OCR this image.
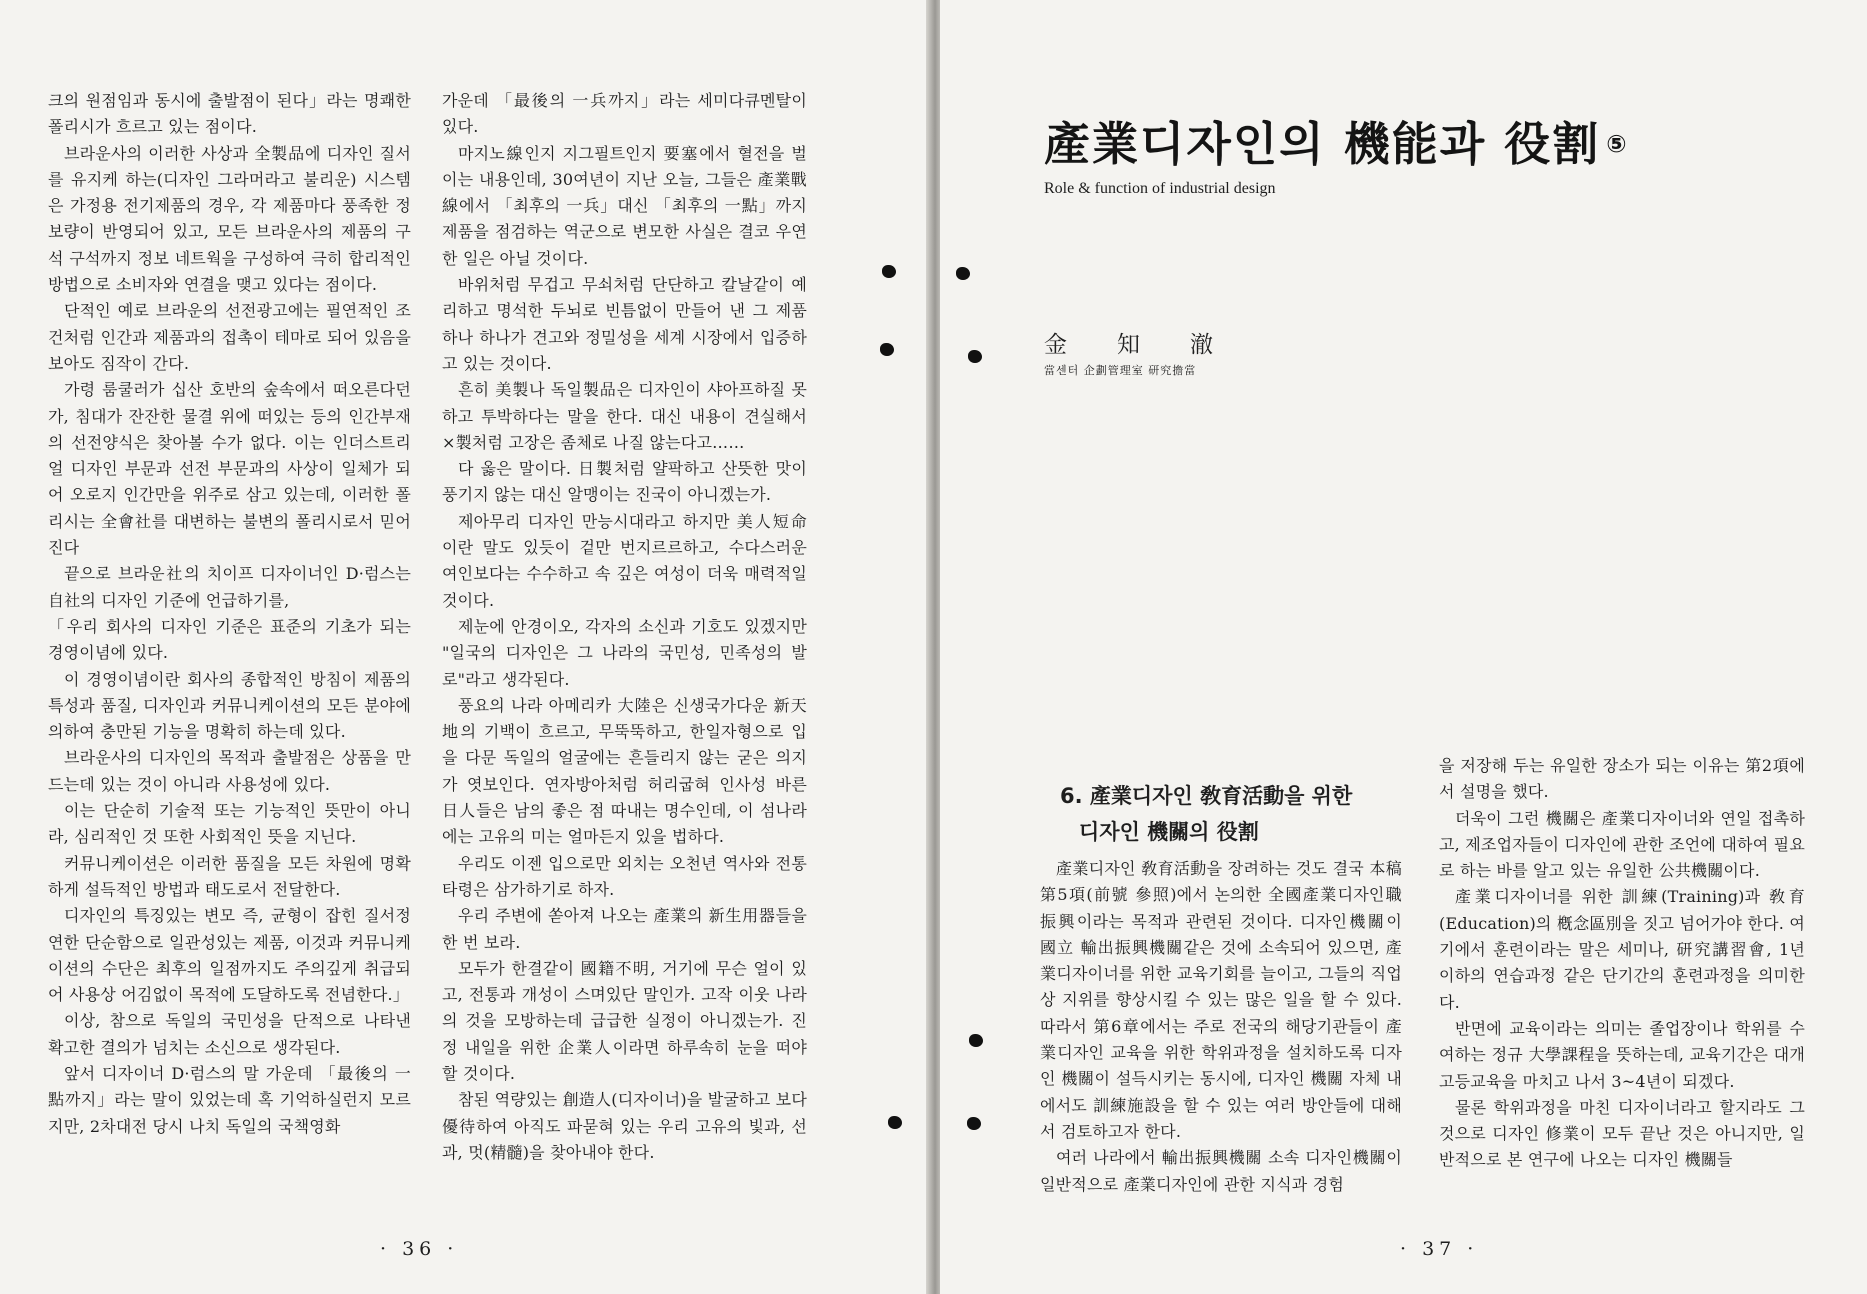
크의 원점임과 동시에 출발점이 된다」라는 명쾌한 폴리시가 흐르고 있는 점이다.

브라운사의 이러한 사상과 全製品에 디자인 질서를 유지케 하는(디자인 그라머라고 불리운) 시스템은 가정용 전기제품의 경우, 각 제품마다 풍족한 정보량이 반영되어 있고, 모든 브라운사의 제품의 구석 구석까지 정보 네트웍을 구성하여 극히 합리적인 방법으로 소비자와 연결을 맺고 있다는 점이다.

단적인 예로 브라운의 선전광고에는 필연적인 조건처럼 인간과 제품과의 접촉이 테마로 되어 있음을 보아도 짐작이 간다.

가령 룸쿨러가 십산 호반의 숲속에서 떠오른다던가, 침대가 잔잔한 물결 위에 떠있는 등의 인간부재의 선전양식은 찾아볼 수가 없다. 이는 인더스트리얼 디자인 부문과 선전 부문과의 사상이 일체가 되어 오로지 인간만을 위주로 삼고 있는데, 이러한 폴리시는 全會社를 대변하는 불변의 폴리시로서 믿어진다

끝으로 브라운社의 치이프 디자이너인 D·럼스는 自社의 디자인 기준에 언급하기를,

「우리 회사의 디자인 기준은 표준의 기초가 되는 경영이념에 있다.

이 경영이념이란 회사의 종합적인 방침이 제품의 특성과 품질, 디자인과 커뮤니케이션의 모든 분야에 의하여 충만된 기능을 명확히 하는데 있다.

브라운사의 디자인의 목적과 출발점은 상품을 만드는데 있는 것이 아니라 사용성에 있다.

이는 단순히 기술적 또는 기능적인 뜻만이 아니라, 심리적인 것 또한 사회적인 뜻을 지닌다.

커뮤니케이션은 이러한 품질을 모든 차원에 명확하게 설득적인 방법과 태도로서 전달한다.

디자인의 특징있는 변모 즉, 균형이 잡힌 질서정연한 단순함으로 일관성있는 제품, 이것과 커뮤니케이션의 수단은 최후의 일점까지도 주의깊게 취급되어 사용상 어김없이 목적에 도달하도록 전념한다.」

이상, 참으로 독일의 국민성을 단적으로 나타낸 확고한 결의가 넘치는 소신으로 생각된다.

앞서 디자이너 D·럼스의 말 가운데 「最後의 一點까지」라는 말이 있었는데 혹 기억하실런지 모르지만, 2차대전 당시 나치 독일의 국책영화

가운데 「最後의 一兵까지」라는 세미다큐멘탈이 있다.

마지노線인지 지그필트인지 要塞에서 혈전을 벌이는 내용인데, 30여년이 지난 오늘, 그들은 產業戰線에서 「최후의 一兵」대신 「최후의 一點」까지 제품을 점검하는 역군으로 변모한 사실은 결코 우연한 일은 아닐 것이다.

바위처럼 무겁고 무쇠처럼 단단하고 칼날같이 예리하고 명석한 두뇌로 빈틈없이 만들어 낸 그 제품 하나 하나가 견고와 정밀성을 세계 시장에서 입증하고 있는 것이다.

흔히 美製나 독일製品은 디자인이 샤아프하질 못하고 투박하다는 말을 한다. 대신 내용이 견실해서 ×製처럼 고장은 좀체로 나질 않는다고……

다 옳은 말이다. 日製처럼 얄팍하고 산뜻한 맛이 풍기지 않는 대신 알맹이는 진국이 아니겠는가.

제아무리 디자인 만능시대라고 하지만 美人短命이란 말도 있듯이 겉만 번지르르하고, 수다스러운 여인보다는 수수하고 속 깊은 여성이 더욱 매력적일 것이다.

제눈에 안경이오, 각자의 소신과 기호도 있겠지만 "일국의 디자인은 그 나라의 국민성, 민족성의 발로"라고 생각된다.

풍요의 나라 아메리카 大陸은 신생국가다운 新天地의 기백이 흐르고, 무뚝뚝하고, 한일자형으로 입을 다문 독일의 얼굴에는 흔들리지 않는 굳은 의지가 엿보인다. 연자방아처럼 허리굽혀 인사성 바른 日人들은 남의 좋은 점 따내는 명수인데, 이 섬나라에는 고유의 미는 얼마든지 있을 법하다.

우리도 이젠 입으로만 외치는 오천년 역사와 전통타령은 삼가하기로 하자.

우리 주변에 쏟아져 나오는 產業의 新生用器들을 한 번 보라.

모두가 한결같이 國籍不明, 거기에 무슨 얼이 있고, 전통과 개성이 스며있단 말인가. 고작 이웃 나라의 것을 모방하는데 급급한 실정이 아니겠는가. 진정 내일을 위한 企業人이라면 하루속히 눈을 떠야 할 것이다.

참된 역량있는 創造人(디자이너)을 발굴하고 보다 優待하여 아직도 파묻혀 있는 우리 고유의 빛과, 선과, 멋(精髓)을 찾아내야 한다.

· 36 ·
產業디자인의 機能과 役割 ⑤
Role & function of industrial design
金知澈
當센터 企劃管理室 研究擔當
6. 產業디자인 敎育活動을 위한
디자인 機關의 役割

產業디자인 敎育活動을 장려하는 것도 결국 本稿 第5項(前號 參照)에서 논의한 全國產業디자인職 振興이라는 목적과 관련된 것이다. 디자인機關이 國立 輸出振興機關같은 것에 소속되어 있으면, 產業디자이너를 위한 교육기회를 늘이고, 그들의 직업상 지위를 향상시킬 수 있는 많은 일을 할 수 있다. 따라서 第6章에서는 주로 전국의 해당기관들이 產業디자인 교육을 위한 학위과정을 설치하도록 디자인 機關이 설득시키는 동시에, 디자인 機關 자체 내에서도 訓練施設을 할 수 있는 여러 방안들에 대해서 검토하고자 한다.

여러 나라에서 輸出振興機關 소속 디자인機關이 일반적으로 產業디자인에 관한 지식과 경험

을 저장해 두는 유일한 장소가 되는 이유는 第2項에서 설명을 했다.

더욱이 그런 機關은 產業디자이너와 연일 접촉하고, 제조업자들이 디자인에 관한 조언에 대하여 필요로 하는 바를 알고 있는 유일한 公共機關이다.

產業디자이너를 위한 訓練(Training)과 敎育(Education)의 槪念區別을 짓고 넘어가야 한다. 여기에서 훈련이라는 말은 세미나, 研究講習會, 1년 이하의 연습과정 같은 단기간의 훈련과정을 의미한다.

반면에 교육이라는 의미는 졸업장이나 학위를 수여하는 정규 大學課程을 뜻하는데, 교육기간은 대개 고등교육을 마치고 나서 3~4년이 되겠다.

물론 학위과정을 마친 디자이너라고 할지라도 그것으로 디자인 修業이 모두 끝난 것은 아니지만, 일반적으로 본 연구에 나오는 디자인 機關들

· 37 ·
